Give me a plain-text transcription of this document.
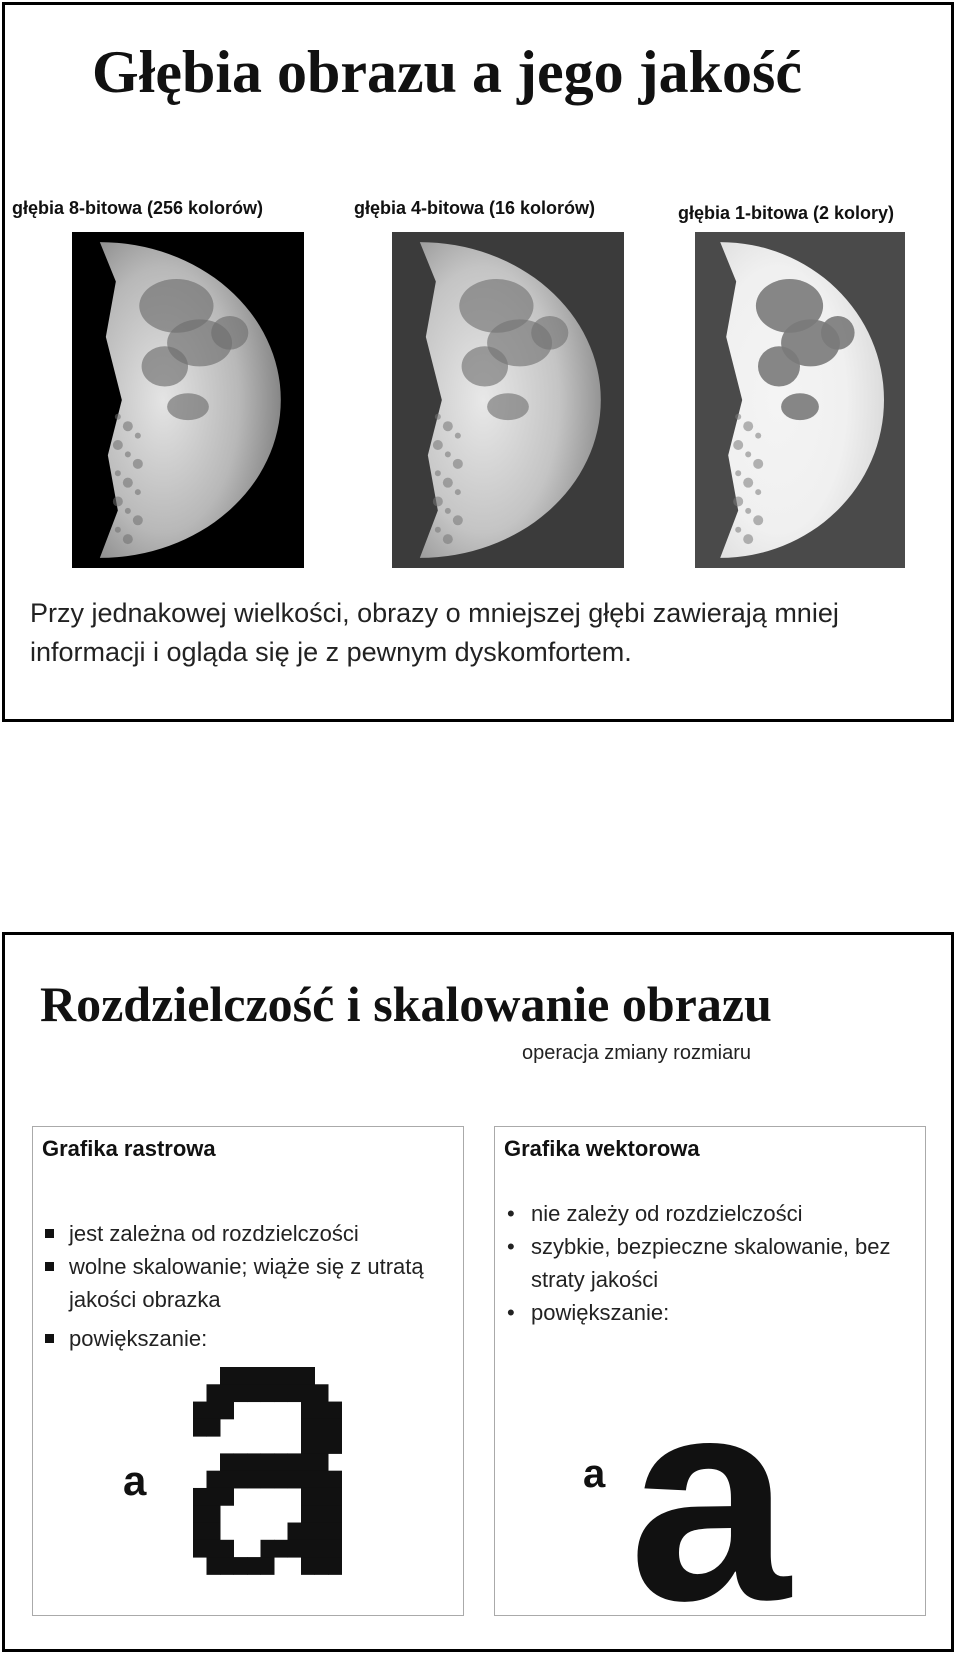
Głębia obrazu a jego jakość
głębia 8-bitowa (256 kolorów)	głębia 4-bitowa (16 kolorów)	głębia 1-bitowa (2 kolory)

Przy jednakowej wielkości, obrazy o mniejszej głębi zawierają mniej informacji i ogląda się je z pewnym dyskomfortem.

Rozdzielczość i skalowanie obrazu
operacja zmiany rozmiaru
Grafika rastrowa
jest zależna od rozdzielczości
wolne skalowanie; wiąże się z utratą jakości obrazka
powiększanie:
a
Grafika wektorowa
• nie zależy od rozdzielczości
• szybkie, bezpieczne skalowanie, bez straty jakości
• powiększanie:
a a
